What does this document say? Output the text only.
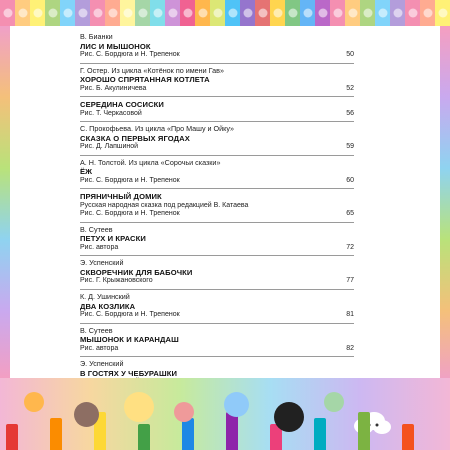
В. Бианки
ЛИС И МЫШОНОК
Рис. С. Бордюга и Н. Трепенок	50
Г. Остер. Из цикла «Котёнок по имени Гав»
ХОРОШО СПРЯТАННАЯ КОТЛЕТА
Рис. Б. Акулиничева	52
СЕРЕДИНА СОСИСКИ
Рис. Т. Черкасовой	56
С. Прокофьева. Из цикла «Про Машу и Ойку»
СКАЗКА О ПЕРВЫХ ЯГОДАХ
Рис. Д. Лапшиной	59
А. Н. Толстой. Из цикла «Сорочьи сказки»
ЁЖ
Рис. С. Бордюга и Н. Трепенок	60
ПРЯНИЧНЫЙ ДОМИК
Русская народная сказка под редакцией В. Катаева
Рис. С. Бордюга и Н. Трепенок	65
В. Сутеев
ПЕТУХ И КРАСКИ
Рис. автора	72
Э. Успенский
СКВОРЕЧНИК ДЛЯ БАБОЧКИ
Рис. Г. Крыжановского	77
К. Д. Ушинский
ДВА КОЗЛИКА
Рис. С. Бордюга и Н. Трепенок	81
В. Сутеев
МЫШОНОК И КАРАНДАШ
Рис. автора	82
Э. Успенский
В ГОСТЯХ У ЧЕБУРАШКИ
